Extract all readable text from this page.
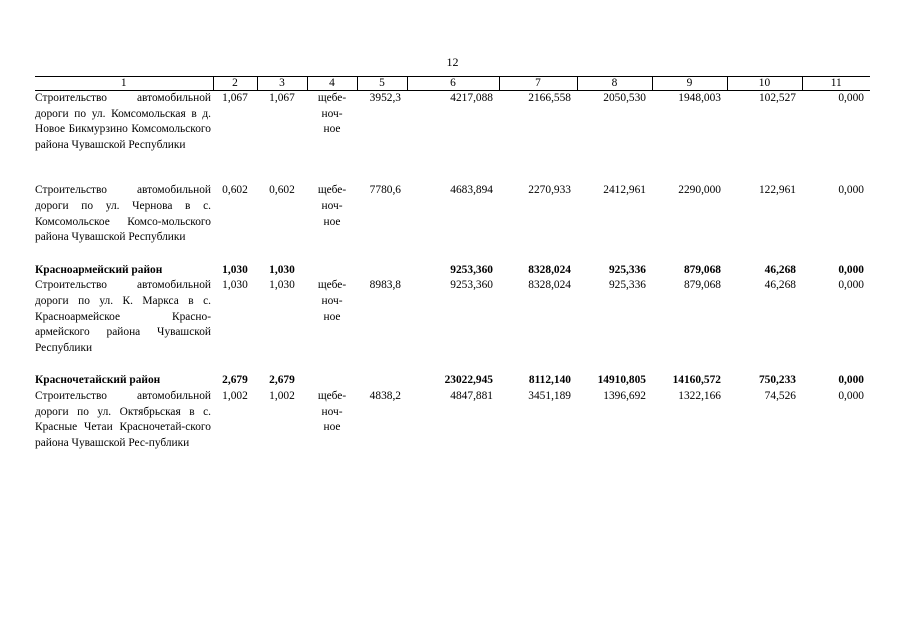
12
1	2	3	4	5	6	7	8	9	10	11
Строительство автомобильной дороги по ул. Комсомольская в д. Новое Бикмурзино Комсомольского района Чувашской Республики	1,067	1,067	щебе-
ноч-
ное	3952,3	4217,088	2166,558	2050,530	1948,003	102,527	0,000

Строительство автомобильной дороги по ул. Чернова в с. Комсомольское Комсо-мольского района Чувашской Республики	0,602	0,602	щебе-
ноч-
ное	7780,6	4683,894	2270,933	2412,961	2290,000	122,961	0,000

Красноармейский район	1,030	1,030			9253,360	8328,024	925,336	879,068	46,268	0,000
Строительство автомобильной дороги по ул. К. Маркса в с. Красноармейское Красно-армейского района Чувашской Республики	1,030	1,030	щебе-
ноч-
ное	8983,8	9253,360	8328,024	925,336	879,068	46,268	0,000

Красночетайский район	2,679	2,679			23022,945	8112,140	14910,805	14160,572	750,233	0,000
Строительство автомобильной дороги по ул. Октябрьская в с. Красные Четаи Красночетай-ского района Чувашской Рес-публики	1,002	1,002	щебе-
ноч-
ное	4838,2	4847,881	3451,189	1396,692	1322,166	74,526	0,000
